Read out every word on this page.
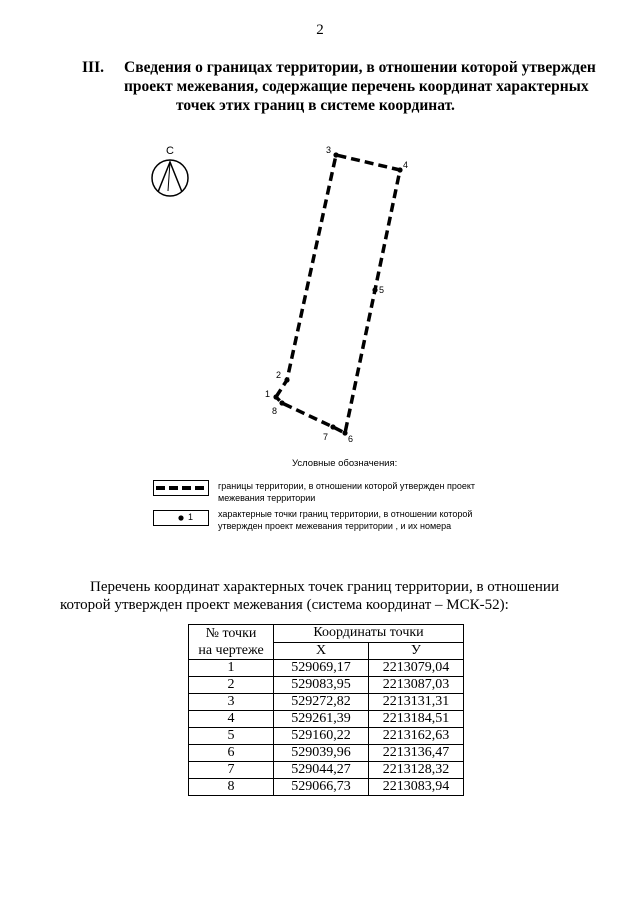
2
III. Сведения о границах территории, в отношении которой утвержден
проект межевания, содержащие перечень координат характерных
точек этих границ в системе координат.
С
1
2
3
4
5
6
7
8
Условные обозначения:
границы территории, в отношении которой утвержден проект
межевания территории
1	характерные точки границ территории, в отношении которой
утвержден проект межевания территории , и их номера
Перечень координат характерных точек границ территории, в отношении
которой утвержден проект межевания (система координат – МСК-52):
№ точки
на чертеже	Координаты точки	
	X	У
1	529069,17	2213079,04
2	529083,95	2213087,03
3	529272,82	2213131,31
4	529261,39	2213184,51
5	529160,22	2213162,63
6	529039,96	2213136,47
7	529044,27	2213128,32
8	529066,73	2213083,94
